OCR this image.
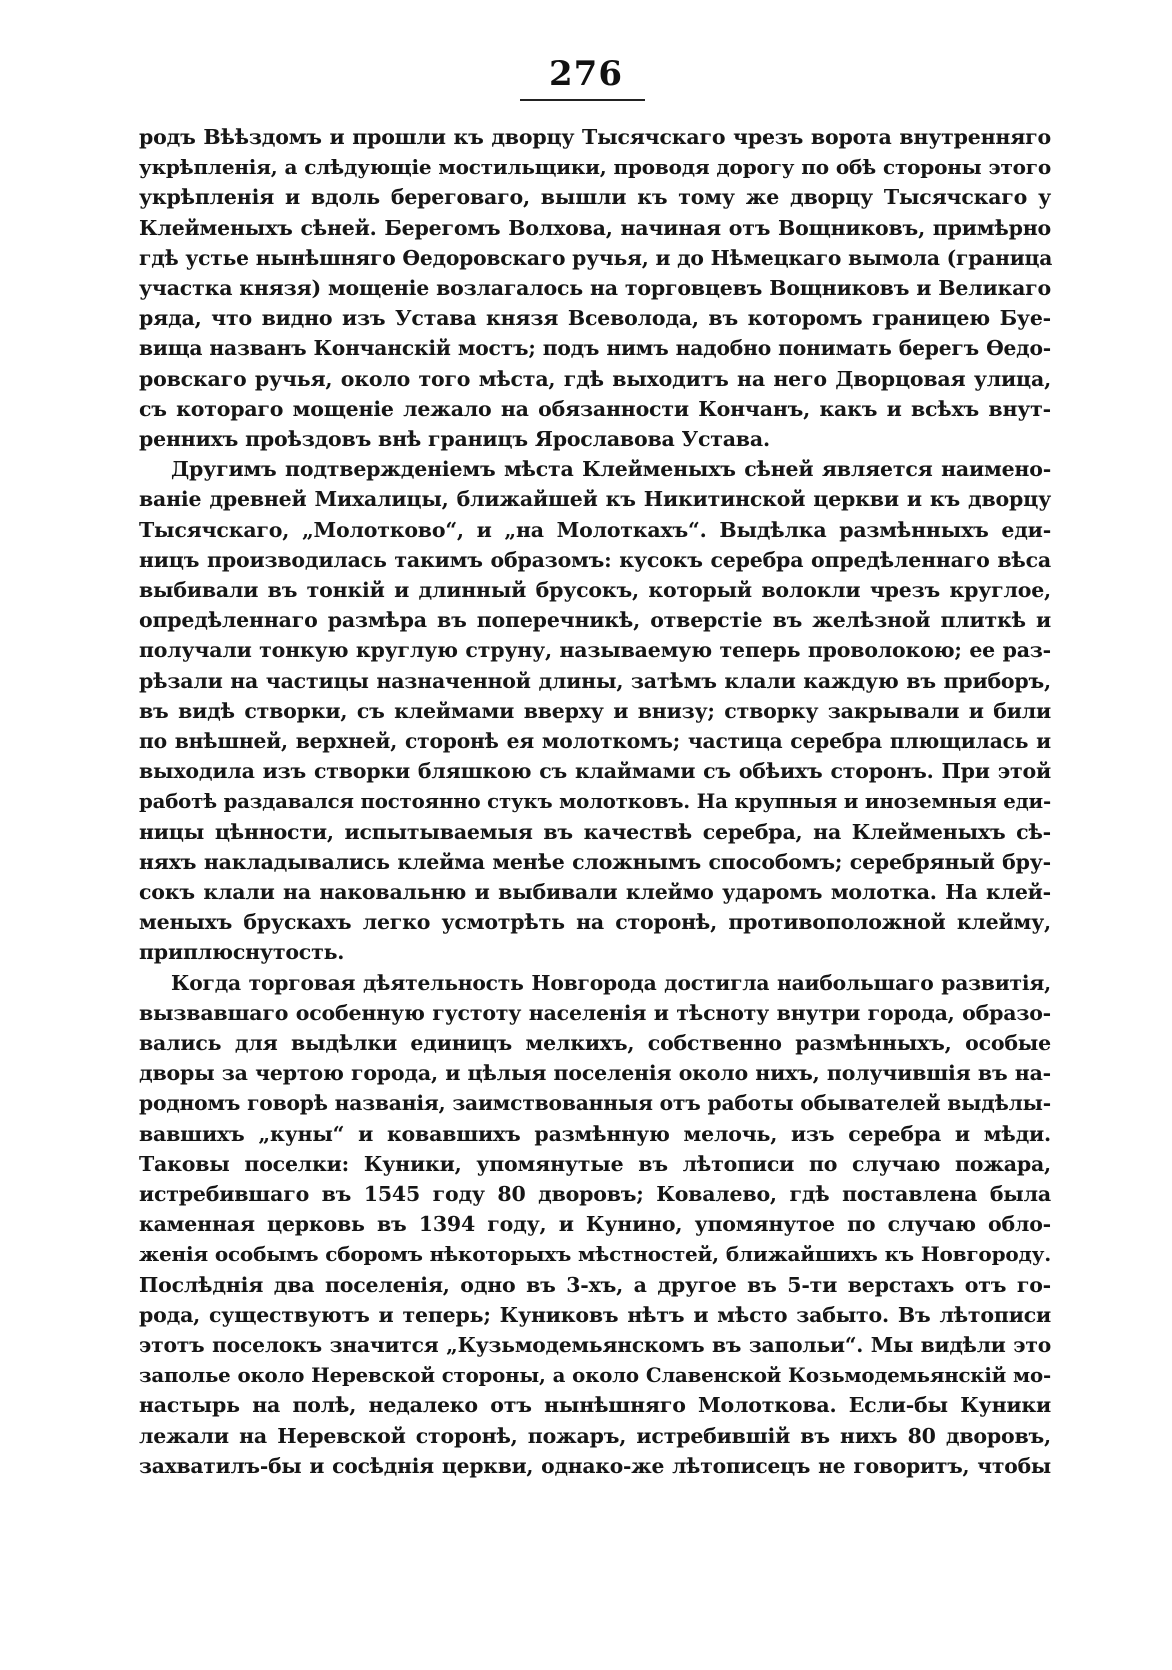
276
родъ Вѣѣздомъ и прошли къ дворцу Тысячскаго чрезъ ворота внутренняго
укрѣпленія, а слѣдующіе мостильщики, проводя дорогу по обѣ стороны этого
укрѣпленія и вдоль береговаго, вышли къ тому же дворцу Тысячскаго у
Клейменыхъ сѣней. Берегомъ Волхова, начиная отъ Вощниковъ, примѣрно
гдѣ устье нынѣшняго Ѳедоровскаго ручья, и до Нѣмецкаго вымола (граница
участка князя) мощеніе возлагалось на торговцевъ Вощниковъ и Великаго
ряда, что видно изъ Устава князя Всеволода, въ которомъ границею Буе-
вища названъ Кончанскій мостъ; подъ нимъ надобно понимать берегъ Ѳедо-
ровскаго ручья, около того мѣста, гдѣ выходитъ на него Дворцовая улица,
съ котораго мощеніе лежало на обязанности Кончанъ, какъ и всѣхъ внут-
реннихъ проѣздовъ внѣ границъ Ярославова Устава.
Другимъ подтвержденіемъ мѣста Клейменыхъ сѣней является наимено-
ваніе древней Михалицы, ближайшей къ Никитинской церкви и къ дворцу
Тысячскаго, „Молотково“, и „на Молоткахъ“. Выдѣлка размѣнныхъ еди-
ницъ производилась такимъ образомъ: кусокъ серебра опредѣленнаго вѣса
выбивали въ тонкій и длинный брусокъ, который волокли чрезъ круглое,
опредѣленнаго размѣра въ поперечникѣ, отверстіе въ желѣзной плиткѣ и
получали тонкую круглую струну, называемую теперь проволокою; ее раз-
рѣзали на частицы назначенной длины, затѣмъ клали каждую въ приборъ,
въ видѣ створки, съ клеймами вверху и внизу; створку закрывали и били
по внѣшней, верхней, сторонѣ ея молоткомъ; частица серебра плющилась и
выходила изъ створки бляшкою съ клаймами съ обѣихъ сторонъ. При этой
работѣ раздавался постоянно стукъ молотковъ. На крупныя и иноземныя еди-
ницы цѣнности, испытываемыя въ качествѣ серебра, на Клейменыхъ сѣ-
няхъ накладывались клейма менѣе сложнымъ способомъ; серебряный бру-
сокъ клали на наковальню и выбивали клеймо ударомъ молотка. На клей-
меныхъ брускахъ легко усмотрѣть на сторонѣ, противоположной клейму,
приплюснутость.
Когда торговая дѣятельность Новгорода достигла наибольшаго развитія,
вызвавшаго особенную густоту населенія и тѣсноту внутри города, образо-
вались для выдѣлки единицъ мелкихъ, собственно размѣнныхъ, особые
дворы за чертою города, и цѣлыя поселенія около нихъ, получившія въ на-
родномъ говорѣ названія, заимствованныя отъ работы обывателей выдѣлы-
вавшихъ „куны“ и ковавшихъ размѣнную мелочь, изъ серебра и мѣди.
Таковы поселки: Куники, упомянутые въ лѣтописи по случаю пожара,
истребившаго въ 1545 году 80 дворовъ; Ковалево, гдѣ поставлена была
каменная церковь въ 1394 году, и Кунино, упомянутое по случаю обло-
женія особымъ сборомъ нѣкоторыхъ мѣстностей, ближайшихъ къ Новгороду.
Послѣднія два поселенія, одно въ 3-хъ, а другое въ 5-ти верстахъ отъ го-
рода, существуютъ и теперь; Куниковъ нѣтъ и мѣсто забыто. Въ лѣтописи
этотъ поселокъ значится „Кузьмодемьянскомъ въ запольи“. Мы видѣли это
заполье около Неревской стороны, а около Славенской Козьмодемьянскій мо-
настырь на полѣ, недалеко отъ нынѣшняго Молоткова. Если-бы Куники
лежали на Неревской сторонѣ, пожаръ, истребившій въ нихъ 80 дворовъ,
захватилъ-бы и сосѣднія церкви, однако-же лѣтописецъ не говоритъ, чтобы
